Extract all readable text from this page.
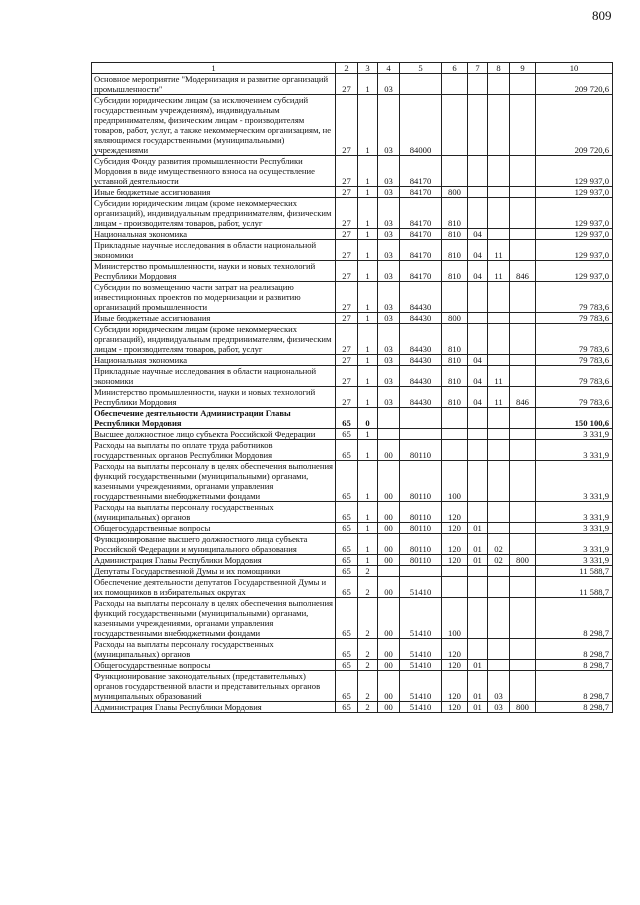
809
1	2	3	4	5	6	7	8	9	10
Основное мероприятие "Модернизация и развитие организаций промышленности"	27	1	03						209 720,6
Субсидии юридическим лицам (за исключением субсидий государственным учреждениям), индивидуальным предпринимателям, физическим лицам - производителям товаров, работ, услуг, а также некоммерческим организациям, не являющимся государственными (муниципальными) учреждениями	27	1	03	84000					209 720,6
Субсидия Фонду развития промышленности Республики Мордовия в виде имущественного взноса на осуществление уставной деятельности	27	1	03	84170					129 937,0
Иные бюджетные ассигнования	27	1	03	84170	800				129 937,0
Субсидии юридическим лицам (кроме некоммерческих организаций), индивидуальным предпринимателям, физическим лицам - производителям товаров, работ, услуг	27	1	03	84170	810				129 937,0
Национальная экономика	27	1	03	84170	810	04			129 937,0
Прикладные научные исследования в области национальной экономики	27	1	03	84170	810	04	11		129 937,0
Министерство промышленности, науки и новых технологий Республики Мордовия	27	1	03	84170	810	04	11	846	129 937,0
Субсидии по возмещению части затрат на реализацию инвестиционных проектов по модернизации и развитию организаций промышленности	27	1	03	84430					79 783,6
Иные бюджетные ассигнования	27	1	03	84430	800				79 783,6
Субсидии юридическим лицам (кроме некоммерческих организаций), индивидуальным предпринимателям, физическим лицам - производителям товаров, работ, услуг	27	1	03	84430	810				79 783,6
Национальная экономика	27	1	03	84430	810	04			79 783,6
Прикладные научные исследования в области национальной экономики	27	1	03	84430	810	04	11		79 783,6
Министерство промышленности, науки и новых технологий Республики Мордовия	27	1	03	84430	810	04	11	846	79 783,6
Обеспечение деятельности Администрации Главы Республики Мордовия	65	0							150 100,6
Высшее должностное лицо субъекта Российской Федерации	65	1							3 331,9
Расходы на выплаты по оплате труда работников государственных органов Республики Мордовия	65	1	00	80110					3 331,9
Расходы на выплаты персоналу в целях обеспечения выполнения функций государственными (муниципальными) органами, казенными учреждениями, органами управления государственными внебюджетными фондами	65	1	00	80110	100				3 331,9
Расходы на выплаты персоналу государственных (муниципальных) органов	65	1	00	80110	120				3 331,9
Общегосударственные вопросы	65	1	00	80110	120	01			3 331,9
Функционирование высшего должностного лица субъекта Российской Федерации и муниципального образования	65	1	00	80110	120	01	02		3 331,9
Администрация Главы Республики Мордовия	65	1	00	80110	120	01	02	800	3 331,9
Депутаты Государственной Думы и их помощники	65	2							11 588,7
Обеспечение деятельности депутатов Государственной Думы и их помощников в избирательных округах	65	2	00	51410					11 588,7
Расходы на выплаты персоналу в целях обеспечения выполнения функций государственными (муниципальными) органами, казенными учреждениями, органами управления государственными внебюджетными фондами	65	2	00	51410	100				8 298,7
Расходы на выплаты персоналу государственных (муниципальных) органов	65	2	00	51410	120				8 298,7
Общегосударственные вопросы	65	2	00	51410	120	01			8 298,7
Функционирование законодательных (представительных) органов государственной власти и представительных органов муниципальных образований	65	2	00	51410	120	01	03		8 298,7
Администрация Главы Республики Мордовия	65	2	00	51410	120	01	03	800	8 298,7
